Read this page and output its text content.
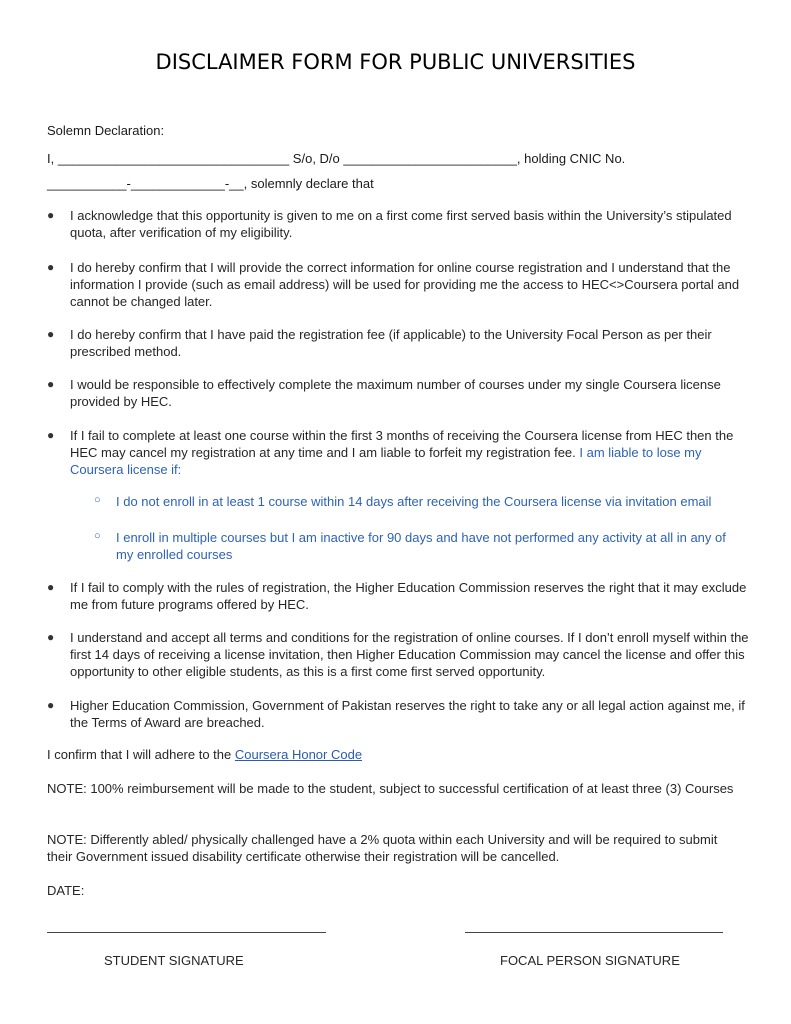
DISCLAIMER FORM FOR PUBLIC UNIVERSITIES
Solemn Declaration:
I, ________________________________ S/o, D/o ________________________, holding CNIC No.
___________-_____________-__, solemnly declare that
● I acknowledge that this opportunity is given to me on a first come first served basis within the University’s stipulated quota, after verification of my eligibility.
● I do hereby confirm that I will provide the correct information for online course registration and I understand that the information I provide (such as email address) will be used for providing me the access to HEC<>Coursera portal and cannot be changed later.
● I do hereby confirm that I have paid the registration fee (if applicable) to the University Focal Person as per their prescribed method.
● I would be responsible to effectively complete the maximum number of courses under my single Coursera license provided by HEC.
● If I fail to complete at least one course within the first 3 months of receiving the Coursera license from HEC then the HEC may cancel my registration at any time and I am liable to forfeit my registration fee. I am liable to lose my Coursera license if:
○ I do not enroll in at least 1 course within 14 days after receiving the Coursera license via invitation email
○ I enroll in multiple courses but I am inactive for 90 days and have not performed any activity at all in any of my enrolled courses
● If I fail to comply with the rules of registration, the Higher Education Commission reserves the right that it may exclude me from future programs offered by HEC.
● I understand and accept all terms and conditions for the registration of online courses. If I don’t enroll myself within the first 14 days of receiving a license invitation, then Higher Education Commission may cancel the license and offer this opportunity to other eligible students, as this is a first come first served opportunity.
● Higher Education Commission, Government of Pakistan reserves the right to take any or all legal action against me, if the Terms of Award are breached.
I confirm that I will adhere to the Coursera Honor Code
NOTE: 100% reimbursement will be made to the student, subject to successful certification of at least three (3) Courses
NOTE: Differently abled/ physically challenged have a 2% quota within each University and will be required to submit their Government issued disability certificate otherwise their registration will be cancelled.
DATE:
STUDENT SIGNATURE	FOCAL PERSON SIGNATURE
